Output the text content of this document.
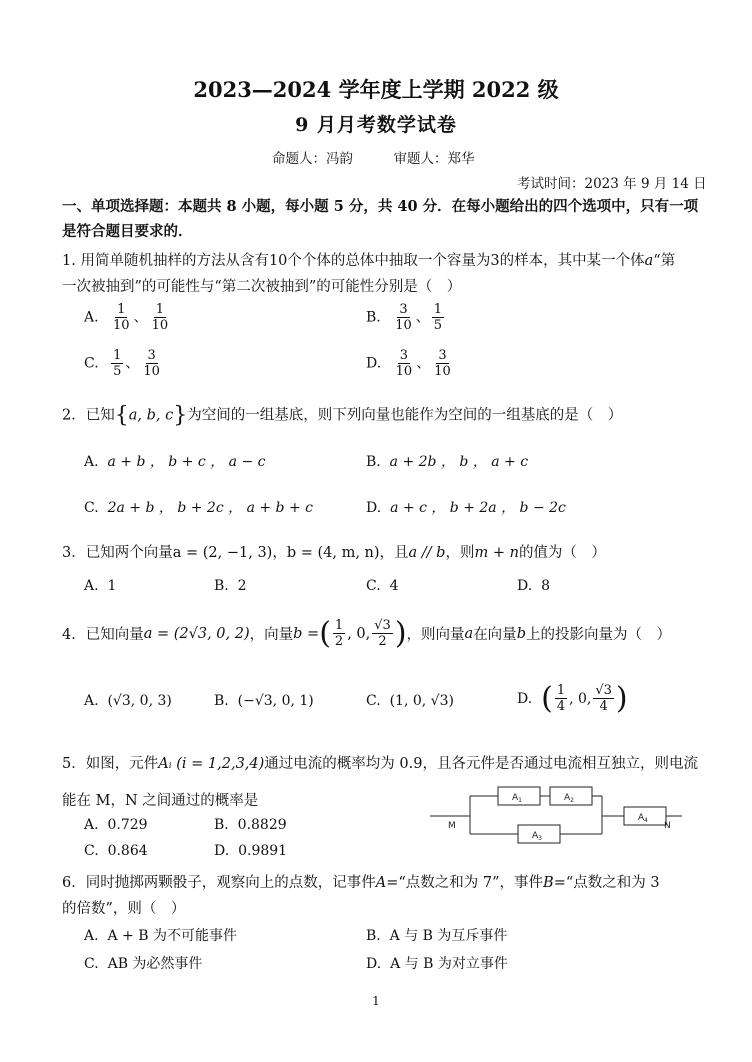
2023—2024 学年度上学期 2022 级
9 月月考数学试卷
命题人：冯韵　　　审题人：郑华
考试时间：2023 年 9 月 14 日
一、单项选择题：本题共 8 小题，每小题 5 分，共 40 分．在每小题给出的四个选项中，只有一项
是符合题目要求的．
1. 用简单随机抽样的方法从含有10个个体的总体中抽取一个容量为3的样本，其中某一个体a“第
一次被抽到”的可能性与“第二次被抽到”的可能性分别是（　）
A. $\frac{1}{10}$ 、 $\frac{1}{10}$	B. $\frac{3}{10}$ 、 $\frac{1}{5}$
C. $\frac{1}{5}$ 、 $\frac{3}{10}$	D. $\frac{3}{10}$ 、 $\frac{3}{10}$
2．已知{a, b, c}为空间的一组基底，则下列向量也能作为空间的一组基底的是（　）
A. a + b ， b + c ， a − c	B. a + 2b ， b ， a + c
C. 2a + b ， b + 2c ， a + b + c	D. a + c ， b + 2a ， b − 2c
3．已知两个向量a = (2, −1, 3)，b = (4, m, n)，且a // b，则m + n的值为（　）
A. 1	B. 2	C. 4	D. 8
4．已知向量 a = (2√3, 0, 2) ，向量 b = ( $\frac{1}{2}$ , 0, $\frac{√3}{2}$ ) ，则向量 a 在向量 b 上的投影向量为（　）
A. (√3, 0, 3)	B. (−√3, 0, 1)	C. (1, 0, √3)	D.
( $\frac{1}{4}$ , 0, $\frac{√3}{4}$ )
5．如图，元件Aᵢ (i = 1,2,3,4)通过电流的概率均为 0.9，且各元件是否通过电流相互独立，则电流
能在 M，N 之间通过的概率是
A. 0.729	B. 0.8829
C. 0.864	D. 0.9891
$A_1$	$A_2$
$A_3$
$A_4$
M	N
6．同时抛掷两颗骰子，观察向上的点数，记事件A=“点数之和为 7”，事件B=“点数之和为 3
的倍数”，则（　）
A. A + B 为不可能事件	B. A 与 B 为互斥事件
C. AB 为必然事件	D. A 与 B 为对立事件
1
